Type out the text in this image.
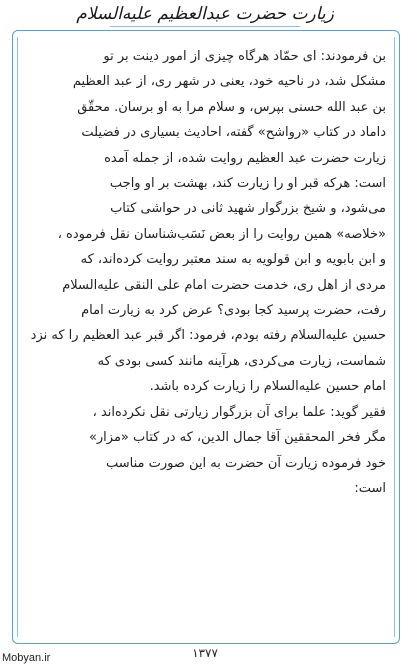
زیارت حضرت عبدالعظیم علیه‌السلام

بن فرمودند: ای حمّاد هرگاه چیزی از امور دینت بر تو
مشکل شد، در ناحیه خود، یعنی در شهر ری، از عبد العظیم
بن عبد الله حسنی بپرس، و سلام مرا به او برسان. محقّق
داماد در کتاب «رواشح» گفته، احادیث بسیاری در فضیلت
زیارت حضرت عبد العظیم روایت شده، از جمله آمده
است: هرکه قبر او را زیارت کند، بهشت بر او واجب
می‌شود، و شیخ بزرگوار شهید ثانی در حواشی کتاب
«خلاصه» همین روایت را از بعض نَسَب‌شناسان نقل فرموده ،
و ابن بابویه و ابن قولویه به سند معتبر روایت کرده‌اند، که
مردی از اهل ری، خدمت حضرت امام علی النقی علیه‌السلام
رفت، حضرت پرسید کجا بودی؟ عرض کرد به زیارت امام
حسین علیه‌السلام رفته بودم، فرمود: اگر قبر عبد العظیم را که نزد
شماست، زیارت می‌کردی، هرآینه مانند کسی بودی که
امام حسین علیه‌السلام را زیارت کرده باشد.

فقیر گوید: علما برای آن بزرگوار زیارتی نقل نکرده‌اند ،
مگر فخر المحققین آقا جمال الدین، که در کتاب «مزار»
خود فرموده زیارت آن حضرت به این صورت مناسب
است:

۱۳۷۷
Mobyan.ir
